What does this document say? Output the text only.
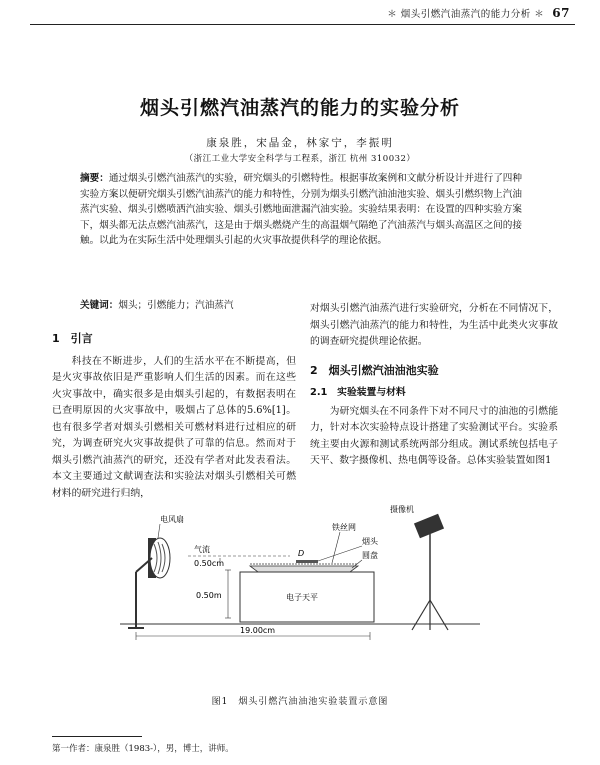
＊ 烟头引燃汽油蒸汽的能力分析 ＊ 67
烟头引燃汽油蒸汽的能力的实验分析
康泉胜，宋晶金，林家宁，李振明
（浙江工业大学安全科学与工程系，浙江 杭州 310032）
摘要：通过烟头引燃汽油蒸汽的实验，研究烟头的引燃特性。根据事故案例和文献分析设计并进行了四种实验方案以便研究烟头引燃汽油蒸汽的能力和特性，分别为烟头引燃汽油油池实验、烟头引燃织物上汽油蒸汽实验、烟头引燃喷洒汽油实验、烟头引燃地面泄漏汽油实验。实验结果表明：在设置的四种实验方案下，烟头都无法点燃汽油蒸汽，这是由于烟头燃烧产生的高温烟气隔绝了汽油蒸汽与烟头高温区之间的接触。以此为在实际生活中处理烟头引起的火灾事故提供科学的理论依据。
关键词：烟头；引燃能力；汽油蒸汽
1　引言

科技在不断进步，人们的生活水平在不断提高，但是火灾事故依旧是严重影响人们生活的因素。而在这些火灾事故中，确实很多是由烟头引起的，有数据表明在已查明原因的火灾事故中，吸烟占了总体的5.6%[1]。也有很多学者对烟头引燃相关可燃材料进行过相应的研究，为调查研究火灾事故提供了可靠的信息。然而对于烟头引燃汽油蒸汽的研究，还没有学者对此发表看法。本文主要通过文献调查法和实验法对烟头引燃相关可燃材料的研究进行归纳，

对烟头引燃汽油蒸汽进行实验研究，分析在不同情况下，烟头引燃汽油蒸汽的能力和特性，为生活中此类火灾事故的调查研究提供理论依据。

2　烟头引燃汽油油池实验
2.1　实验装置与材料

为研究烟头在不同条件下对不同尺寸的油池的引燃能力，针对本次实验特点设计搭建了实验测试平台。实验系统主要由火源和测试系统两部分组成。测试系统包括电子天平、数字摄像机、热电偶等设备。总体实验装置如图1

电风扇
气流
0.50cm
0.50m
D
铁丝网
烟头
圆盘
电子天平
19.00cm
摄像机
图1　烟头引燃汽油油池实验装置示意图
第一作者：康泉胜（1983-），男，博士，讲师。
